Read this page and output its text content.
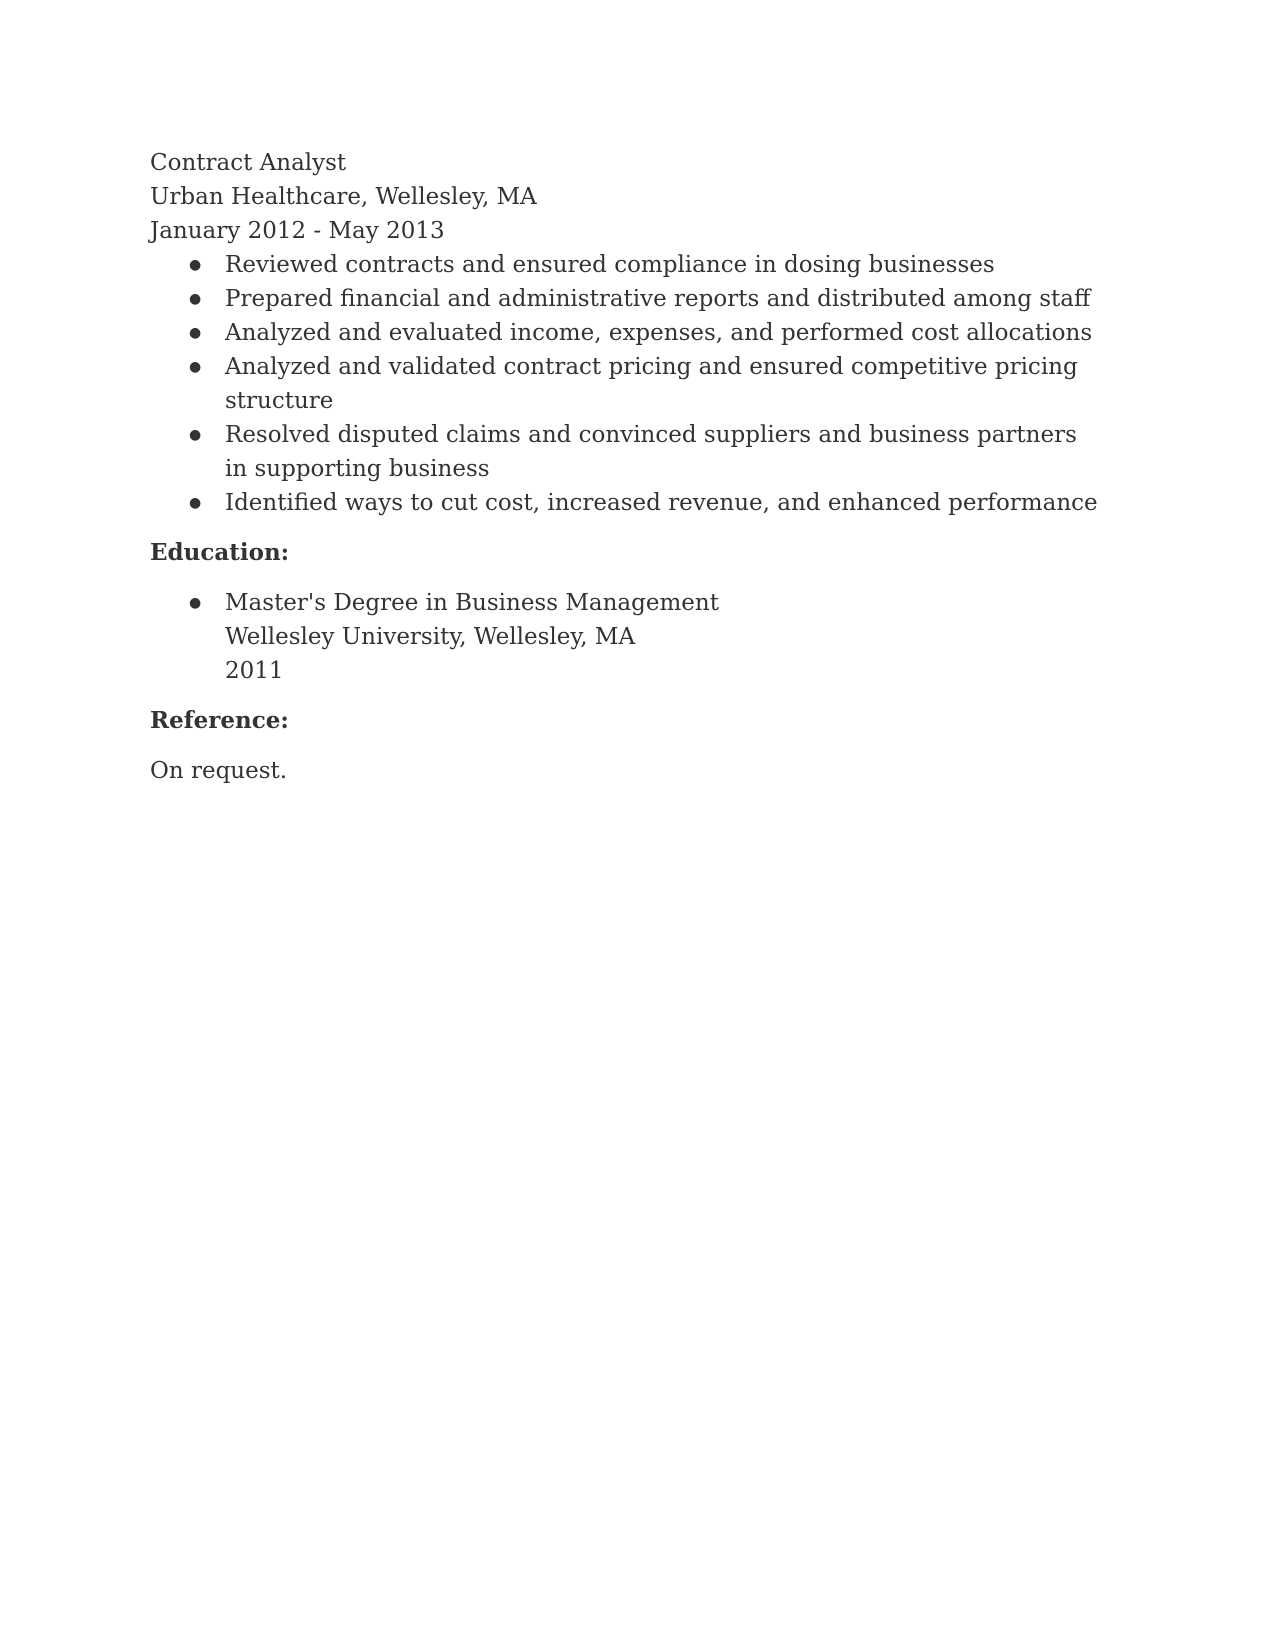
Contract Analyst

Urban Healthcare, Wellesley, MA

January 2012 - May 2013

● Reviewed contracts and ensured compliance in dosing businesses
● Prepared financial and administrative reports and distributed among staff
● Analyzed and evaluated income, expenses, and performed cost allocations
● Analyzed and validated contract pricing and ensured competitive pricing structure
● Resolved disputed claims and convinced suppliers and business partners in supporting business
● Identified ways to cut cost, increased revenue, and enhanced performance

Education:

● Master's Degree in Business Management
Wellesley University, Wellesley, MA
2011

Reference:

On request.
